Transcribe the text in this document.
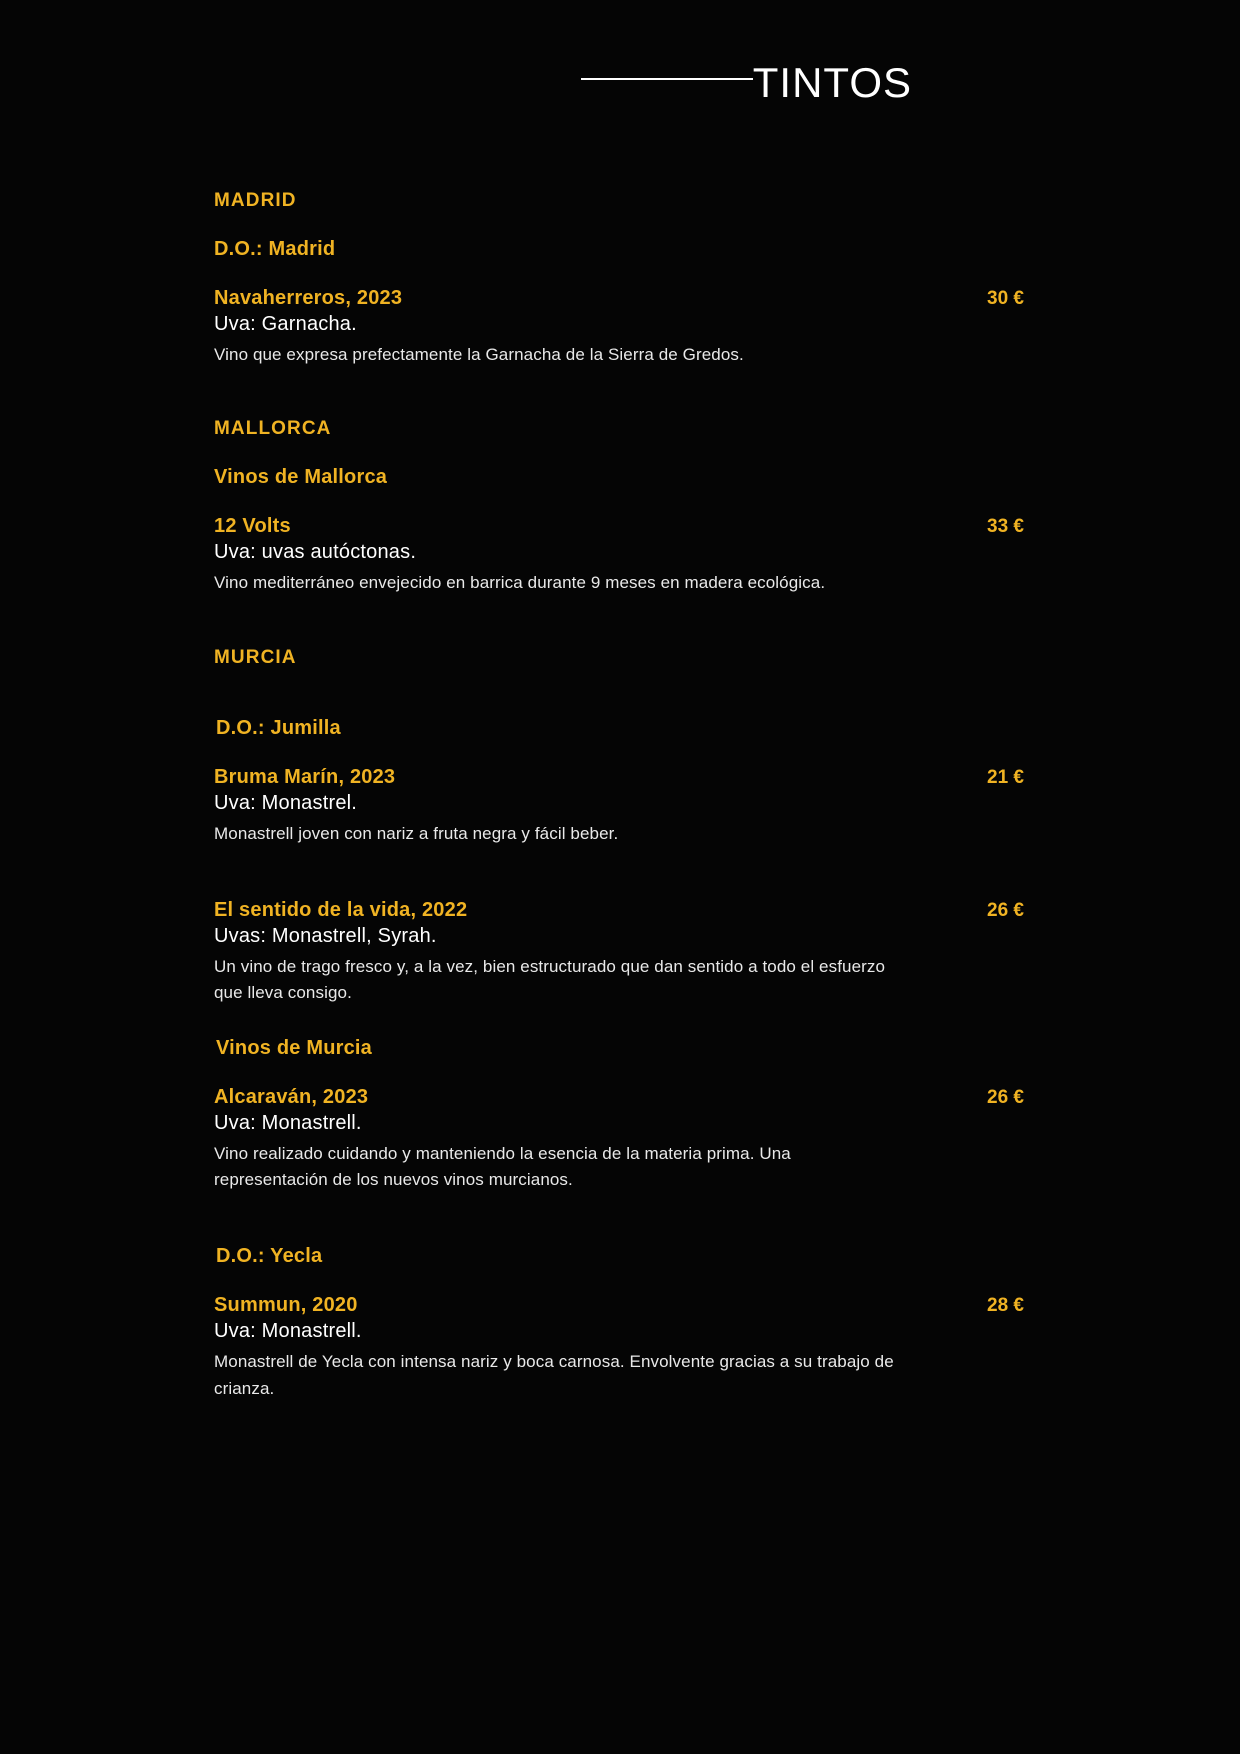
TINTOS
MADRID
D.O.: Madrid
Navaherreros, 2023	30 €
Uva: Garnacha.
Vino que expresa prefectamente la Garnacha de la Sierra de Gredos.
MALLORCA
Vinos de Mallorca
12 Volts	33 €
Uva: uvas autóctonas.
Vino mediterráneo envejecido en barrica durante 9 meses en madera ecológica.
MURCIA
D.O.: Jumilla
Bruma Marín, 2023	21 €
Uva: Monastrel.
Monastrell joven con nariz a fruta negra y fácil beber.
El sentido de la vida, 2022	26 €
Uvas: Monastrell, Syrah.
Un vino de trago fresco y, a la vez, bien estructurado que dan sentido a todo el esfuerzo que lleva consigo.
Vinos de Murcia
Alcaraván, 2023	26 €
Uva: Monastrell.
Vino realizado cuidando y manteniendo la esencia de la materia prima. Una representación de los nuevos vinos murcianos.
D.O.: Yecla
Summun, 2020	28 €
Uva: Monastrell.
Monastrell de Yecla con intensa nariz y boca carnosa. Envolvente gracias a su trabajo de crianza.
